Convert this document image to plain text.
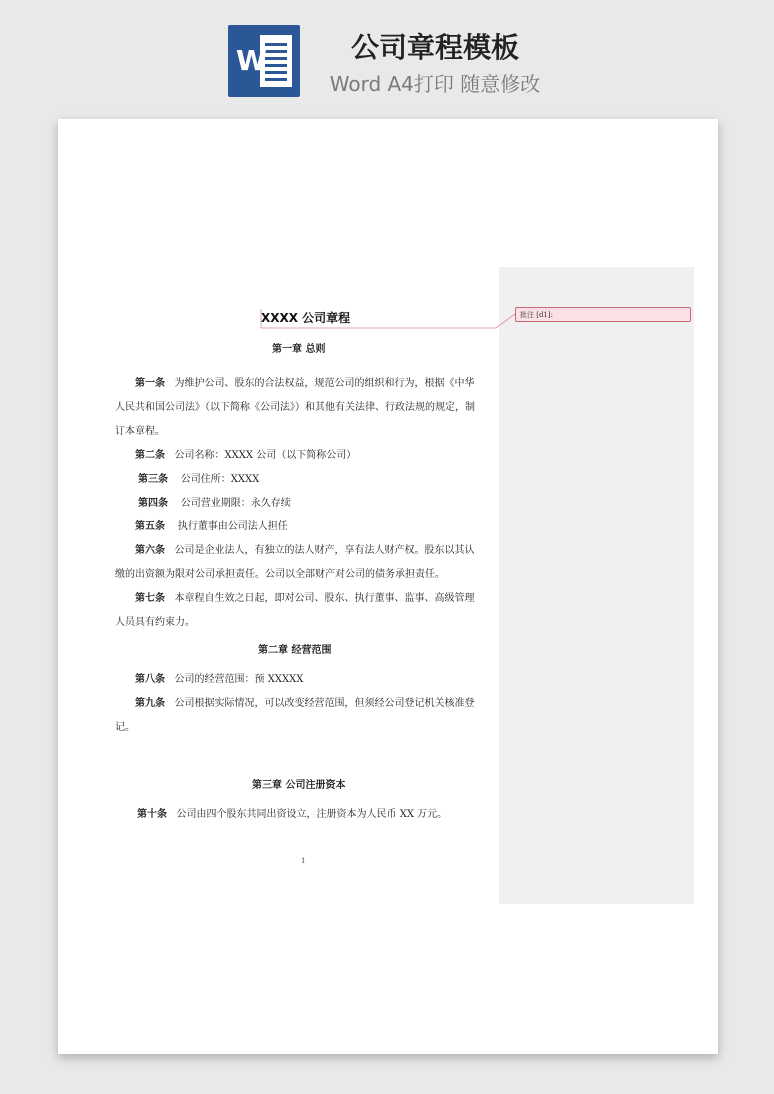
W	公司章程模板
Word A4打印 随意修改
批注 [d1]:
XXXX 公司章程
第一章 总则
第一条 为维护公司、股东的合法权益，规范公司的组织和行为，根据《中华
人民共和国公司法》（以下简称《公司法》）和其他有关法律、行政法规的规定，制
订本章程。
第二条 公司名称：XXXX 公司（以下简称公司）
第三条 公司住所：XXXX
第四条 公司营业期限：永久存续
第五条 执行董事由公司法人担任
第六条 公司是企业法人，有独立的法人财产，享有法人财产权。股东以其认
缴的出资额为限对公司承担责任。公司以全部财产对公司的债务承担责任。
第七条 本章程自生效之日起，即对公司、股东、执行董事、监事、高级管理
人员具有约束力。
第二章 经营范围
第八条 公司的经营范围：预 XXXXX
第九条 公司根据实际情况，可以改变经营范围，但须经公司登记机关核准登
记。
第三章 公司注册资本
第十条 公司由四个股东共同出资设立，注册资本为人民币 XX 万元。
1
